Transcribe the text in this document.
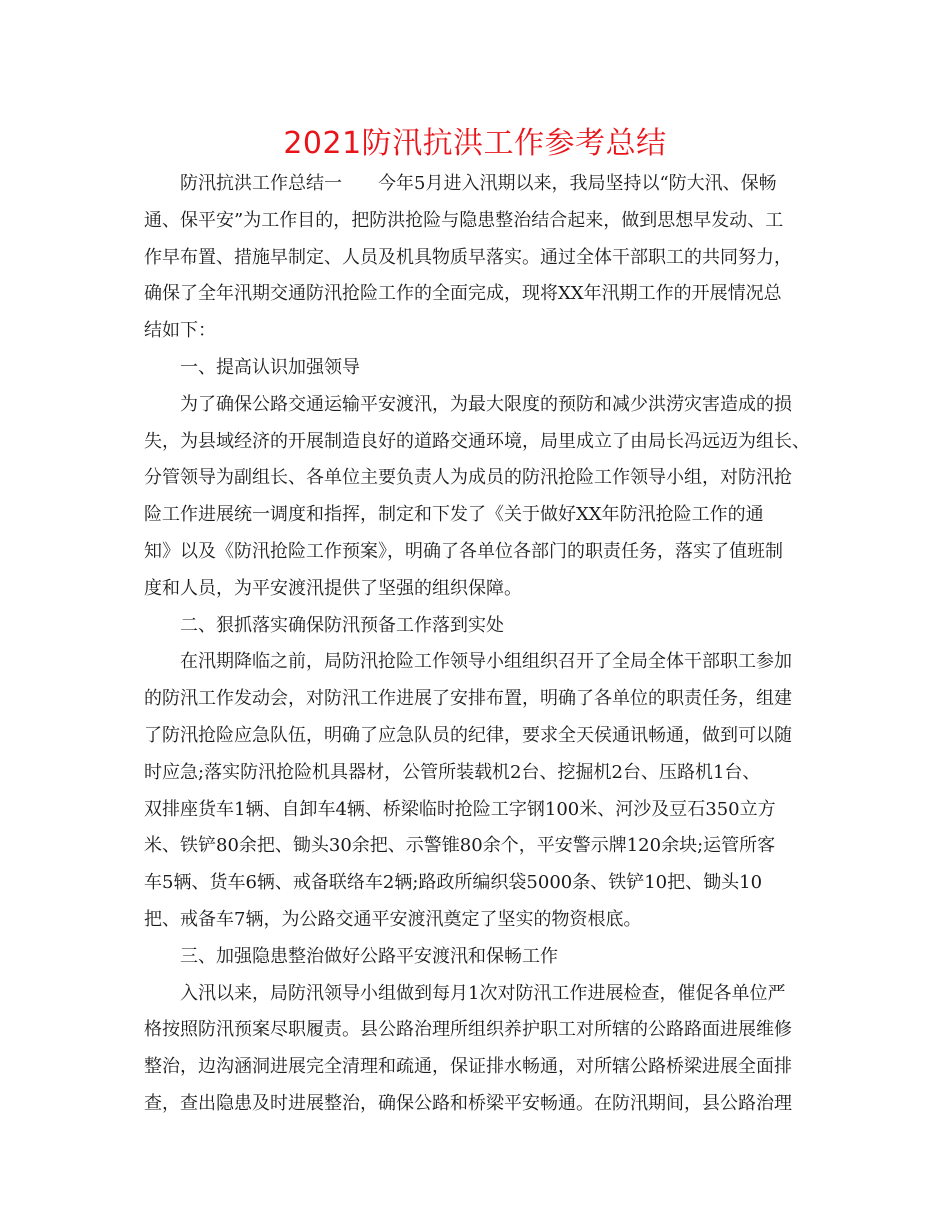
2021防汛抗洪工作参考总结
防汛抗洪工作总结一　　今年5月进入汛期以来，我局坚持以“防大汛、保畅
通、保平安”为工作目的，把防洪抢险与隐患整治结合起来，做到思想早发动、工
作早布置、措施早制定、人员及机具物质早落实。通过全体干部职工的共同努力，
确保了全年汛期交通防汛抢险工作的全面完成，现将XX年汛期工作的开展情况总
结如下：
一、提高认识加强领导
为了确保公路交通运输平安渡汛，为最大限度的预防和减少洪涝灾害造成的损
失，为县域经济的开展制造良好的道路交通环境，局里成立了由局长冯远迈为组长、
分管领导为副组长、各单位主要负责人为成员的防汛抢险工作领导小组，对防汛抢
险工作进展统一调度和指挥，制定和下发了《关于做好XX年防汛抢险工作的通
知》以及《防汛抢险工作预案》，明确了各单位各部门的职责任务，落实了值班制
度和人员，为平安渡汛提供了坚强的组织保障。
二、狠抓落实确保防汛预备工作落到实处
在汛期降临之前，局防汛抢险工作领导小组组织召开了全局全体干部职工参加
的防汛工作发动会，对防汛工作进展了安排布置，明确了各单位的职责任务，组建
了防汛抢险应急队伍，明确了应急队员的纪律，要求全天侯通讯畅通，做到可以随
时应急;落实防汛抢险机具器材，公管所装载机2台、挖掘机2台、压路机1台、
双排座货车1辆、自卸车4辆、桥梁临时抢险工字钢100米、河沙及豆石350立方
米、铁铲80余把、锄头30余把、示警锥80余个，平安警示牌120余块;运管所客
车5辆、货车6辆、戒备联络车2辆;路政所编织袋5000条、铁铲10把、锄头10
把、戒备车7辆，为公路交通平安渡汛奠定了坚实的物资根底。
三、加强隐患整治做好公路平安渡汛和保畅工作
入汛以来，局防汛领导小组做到每月1次对防汛工作进展检查，催促各单位严
格按照防汛预案尽职履责。县公路治理所组织养护职工对所辖的公路路面进展维修
整治，边沟涵洞进展完全清理和疏通，保证排水畅通，对所辖公路桥梁进展全面排
查，查出隐患及时进展整治，确保公路和桥梁平安畅通。在防汛期间，县公路治理
